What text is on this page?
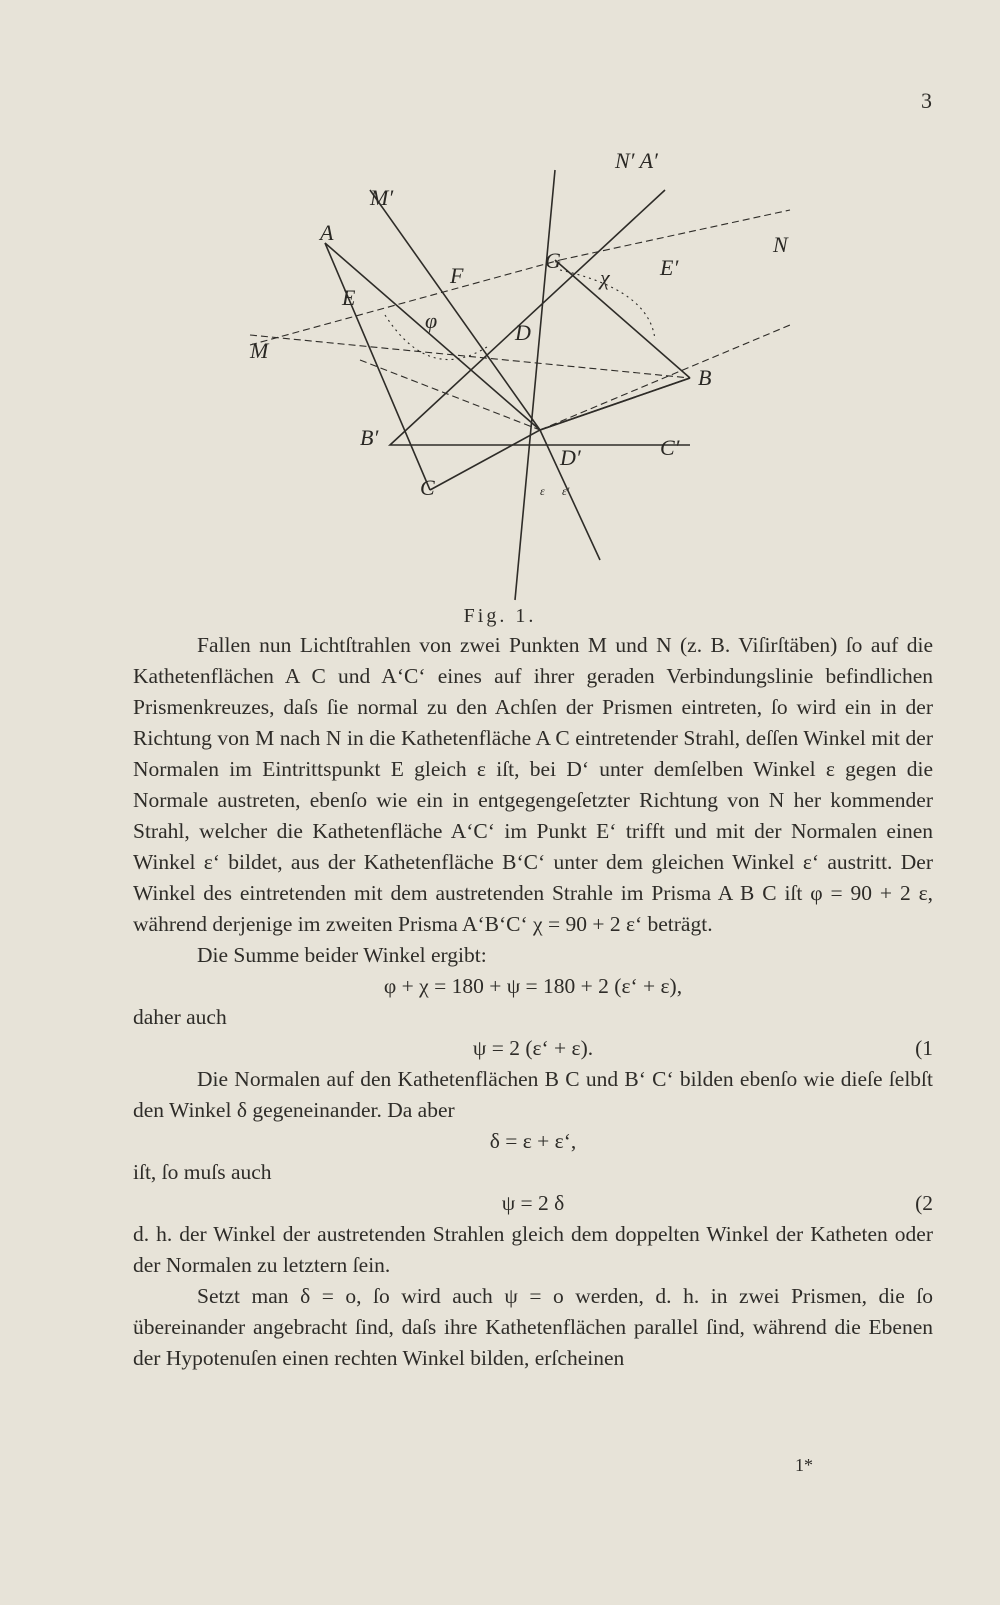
3
N′ A′
M′
A
G	E′
N
F
E
χ
φ	D
M
B
B′	C′
D′
C	ε ε′
Fig. 1.

Fallen nun Lichtſtrahlen von zwei Punkten M und N (z. B. Viſirſtäben) ſo auf die Kathetenflächen A C und A‘C‘ eines auf ihrer geraden Verbindungslinie befindlichen Prismenkreuzes, daſs ſie normal zu den Achſen der Prismen eintreten, ſo wird ein in der Richtung von M nach N in die Kathetenfläche A C eintretender Strahl, deſſen Winkel mit der Normalen im Eintrittspunkt E gleich ε iſt, bei D‘ unter demſelben Winkel ε gegen die Normale austreten, ebenſo wie ein in entgegengeſetzter Richtung von N her kommender Strahl, welcher die Kathetenfläche A‘C‘ im Punkt E‘ trifft und mit der Normalen einen Winkel ε‘ bildet, aus der Kathetenfläche B‘C‘ unter dem gleichen Winkel ε‘ austritt. Der Winkel des eintretenden mit dem austretenden Strahle im Prisma A B C iſt φ = 90 + 2 ε, während derjenige im zweiten Prisma A‘B‘C‘ χ = 90 + 2 ε‘ beträgt.

Die Summe beider Winkel ergibt:

φ + χ = 180 + ψ = 180 + 2 (ε‘ + ε),

daher auch

ψ = 2 (ε‘ + ε).	(1

Die Normalen auf den Kathetenflächen B C und B‘ C‘ bilden ebenſo wie dieſe ſelbſt den Winkel δ gegeneinander. Da aber

δ = ε + ε‘,

iſt, ſo muſs auch

ψ = 2 δ	(2

d. h. der Winkel der austretenden Strahlen gleich dem doppelten Winkel der Katheten oder der Normalen zu letztern ſein.

Setzt man δ = o, ſo wird auch ψ = o werden, d. h. in zwei Prismen, die ſo übereinander angebracht ſind, daſs ihre Kathetenflächen parallel ſind, während die Ebenen der Hypotenuſen einen rechten Winkel bilden, erſcheinen

1*
